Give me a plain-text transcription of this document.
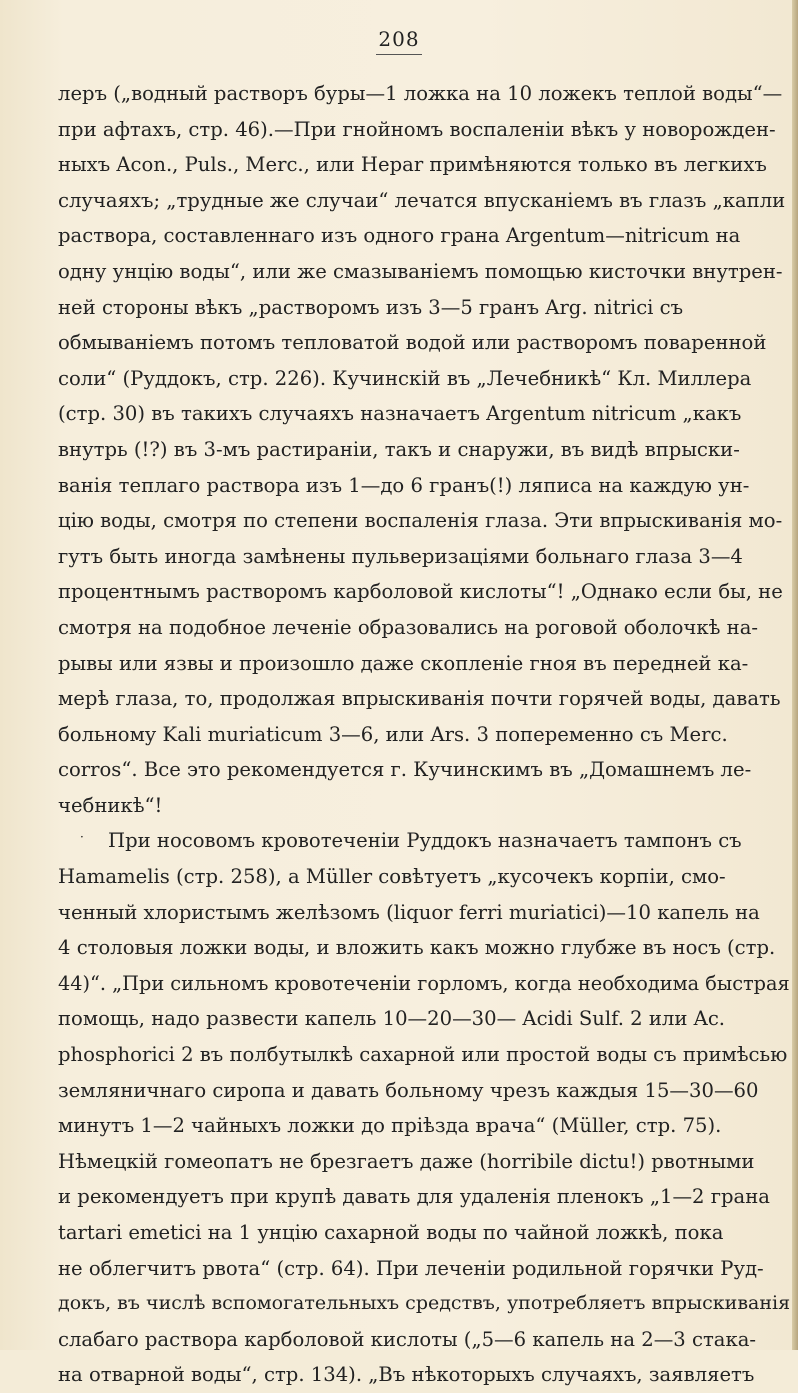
208
леръ („водный растворъ буры—1 ложка на 10 ложекъ теплой воды“—
при афтахъ, стр. 46).—При гнойномъ воспаленіи вѣкъ у новорожден-
ныхъ Acon., Puls., Merc., или Hepar примѣняются только въ легкихъ
случаяхъ; „трудные же случаи“ лечатся впусканіемъ въ глазъ „капли
раствора, составленнаго изъ одного грана Argentum—nitricum на
одну унцію воды“, или же смазываніемъ помощью кисточки внутрен-
ней стороны вѣкъ „растворомъ изъ 3—5 гранъ Arg. nitrici съ
обмываніемъ потомъ тепловатой водой или растворомъ поваренной
соли“ (Руддокъ, стр. 226). Кучинскій въ „Лечебникѣ“ Кл. Миллера
(стр. 30) въ такихъ случаяхъ назначаетъ Argentum nitricum „какъ
внутрь (!?) въ 3-мъ растираніи, такъ и снаружи, въ видѣ впрыски-
ванія теплаго раствора изъ 1—до 6 гранъ(!) ляписа на каждую ун-
цію воды, смотря по степени воспаленія глаза. Эти впрыскиванія мо-
гутъ быть иногда замѣнены пульверизаціями больнаго глаза 3—4
процентнымъ растворомъ карболовой кислоты“! „Однако если бы, не
смотря на подобное леченіе образовались на роговой оболочкѣ на-
рывы или язвы и произошло даже скопленіе гноя въ передней ка-
мерѣ глаза, то, продолжая впрыскиванія почти горячей воды, давать
больному Kali muriaticum 3—6, или Ars. 3 попеременно съ Merc.
corros“. Все это рекомендуется г. Кучинскимъ въ „Домашнемъ ле-
чебникѣ“!
При носовомъ кровотеченіи Руддокъ назначаетъ тампонъ съ
Hamamelis (стр. 258), а Müller совѣтуетъ „кусочекъ корпіи, смо-
ченный хлористымъ желѣзомъ (liquor ferri muriatici)—10 капель на
4 столовыя ложки воды, и вложить какъ можно глубже въ носъ (стр.
44)“. „При сильномъ кровотеченіи горломъ, когда необходима быстрая
помощь, надо развести капель 10—20—30— Acidi Sulf. 2 или Ac.
phosphorici 2 въ полбутылкѣ сахарной или простой воды съ примѣсью
земляничнаго сиропа и давать больному чрезъ каждыя 15—30—60
минутъ 1—2 чайныхъ ложки до пріѣзда врача“ (Müller, стр. 75).
Нѣмецкій гомеопатъ не брезгаетъ даже (horribile dictu!) рвотными
и рекомендуетъ при крупѣ давать для удаленія пленокъ „1—2 грана
tartari emetici на 1 унцію сахарной воды по чайной ложкѣ, пока
не облегчитъ рвота“ (стр. 64). При леченіи родильной горячки Руд-
докъ, въ числѣ вспомогательныхъ средствъ, употребляетъ впрыскиванія
слабаго раствора карболовой кислоты („5—6 капель на 2—3 стака-
на отварной воды“, стр. 134). „Въ нѣкоторыхъ случаяхъ, заявляетъ
·
